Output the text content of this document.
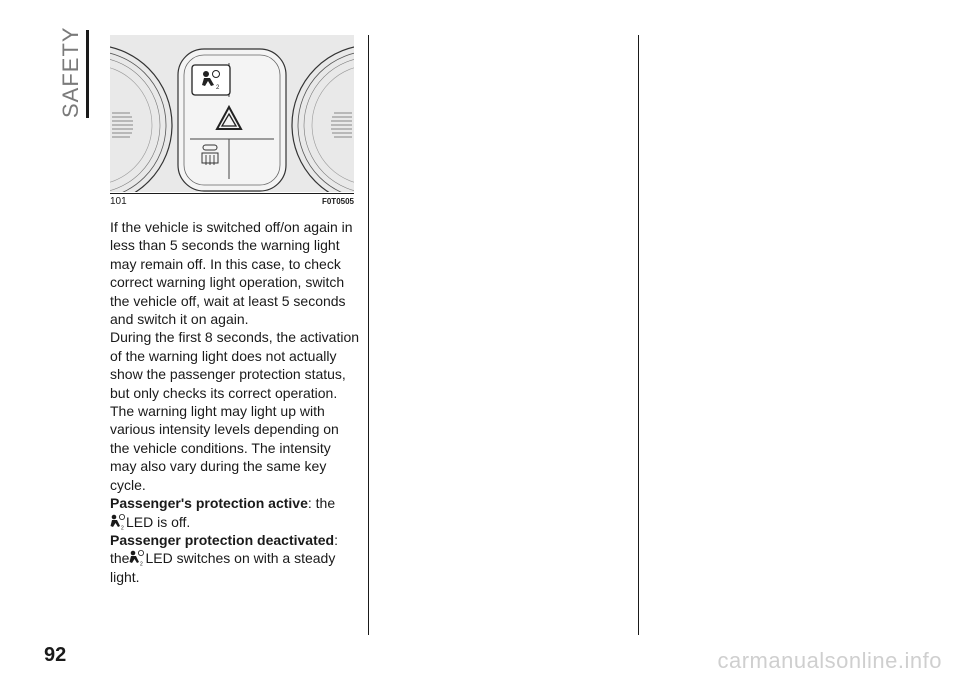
SAFETY	2
101	F0T0505

If the vehicle is switched off/on again in less than 5 seconds the warning light may remain off. In this case, to check correct warning light operation, switch the vehicle off, wait at least 5 seconds and switch it on again.

During the first 8 seconds, the activation of the warning light does not actually show the passenger protection status, but only checks its correct operation.

The warning light may light up with various intensity levels depending on the vehicle conditions. The intensity may also vary during the same key cycle.

Passenger's protection active: the

2 LED is off.

Passenger protection deactivated:
the 2 LED switches on with a steady light.

92	carmanualsonline.info
